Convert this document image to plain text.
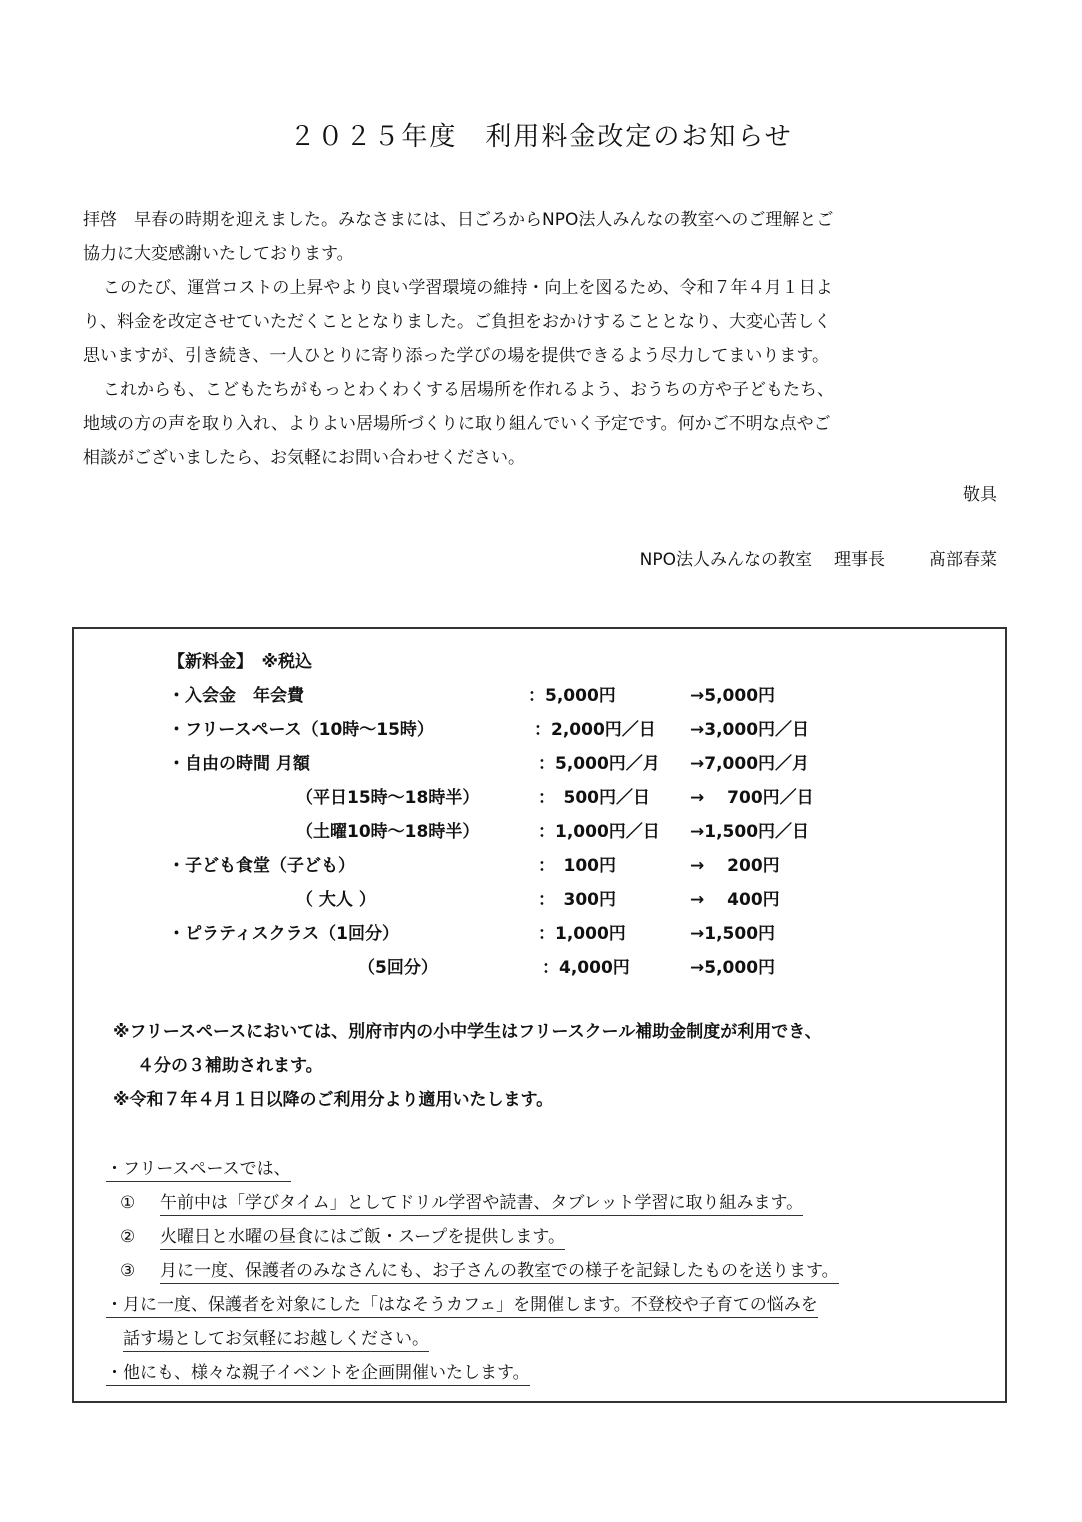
２０２５年度　利用料金改定のお知らせ
拝啓　早春の時期を迎えました。みなさまには、日ごろからNPO法人みんなの教室へのご理解とご
協力に大変感謝いたしております。
このたび、運営コストの上昇やより良い学習環境の維持・向上を図るため、令和７年４月１日よ
り、料金を改定させていただくこととなりました。ご負担をおかけすることとなり、大変心苦しく
思いますが、引き続き、一人ひとりに寄り添った学びの場を提供できるよう尽力してまいります。
これからも、こどもたちがもっとわくわくする居場所を作れるよう、おうちの方や子どもたち、
地域の方の声を取り入れ、よりよい居場所づくりに取り組んでいく予定です。何かご不明な点やご
相談がございましたら、お気軽にお問い合わせください。
敬具
NPO法人みんなの教室 理事長	髙部春菜
【新料金】　※税込
・入会金　年会費	：5,000円	→5,000円
・フリースペース（10時～15時）	：2,000円／日 →3,000円／日
・自由の時間 月額	：5,000円／月 →7,000円／月
（平日15時～18時半）	：　500円／日 →　 700円／日
（土曜10時～18時半）	：1,000円／日 →1,500円／日
・子ども食堂（子ども）	：　100円	→　 200円
（ 大人 ）	：　300円	→　 400円
・ピラティスクラス（1回分）	：1,000円	→1,500円
（5回分）	：4,000円	→5,000円
※フリースペースにおいては、別府市内の小中学生はフリースクール補助金制度が利用でき、
４分の３補助されます。
※令和７年４月１日以降のご利用分より適用いたします。
・フリースペースでは、
① 午前中は「学びタイム」としてドリル学習や読書、タブレット学習に取り組みます。
② 火曜日と水曜の昼食にはご飯・スープを提供します。
③ 月に一度、保護者のみなさんにも、お子さんの教室での様子を記録したものを送ります。
・月に一度、保護者を対象にした「はなそうカフェ」を開催します。不登校や子育ての悩みを
話す場としてお気軽にお越しください。
・他にも、様々な親子イベントを企画開催いたします。
